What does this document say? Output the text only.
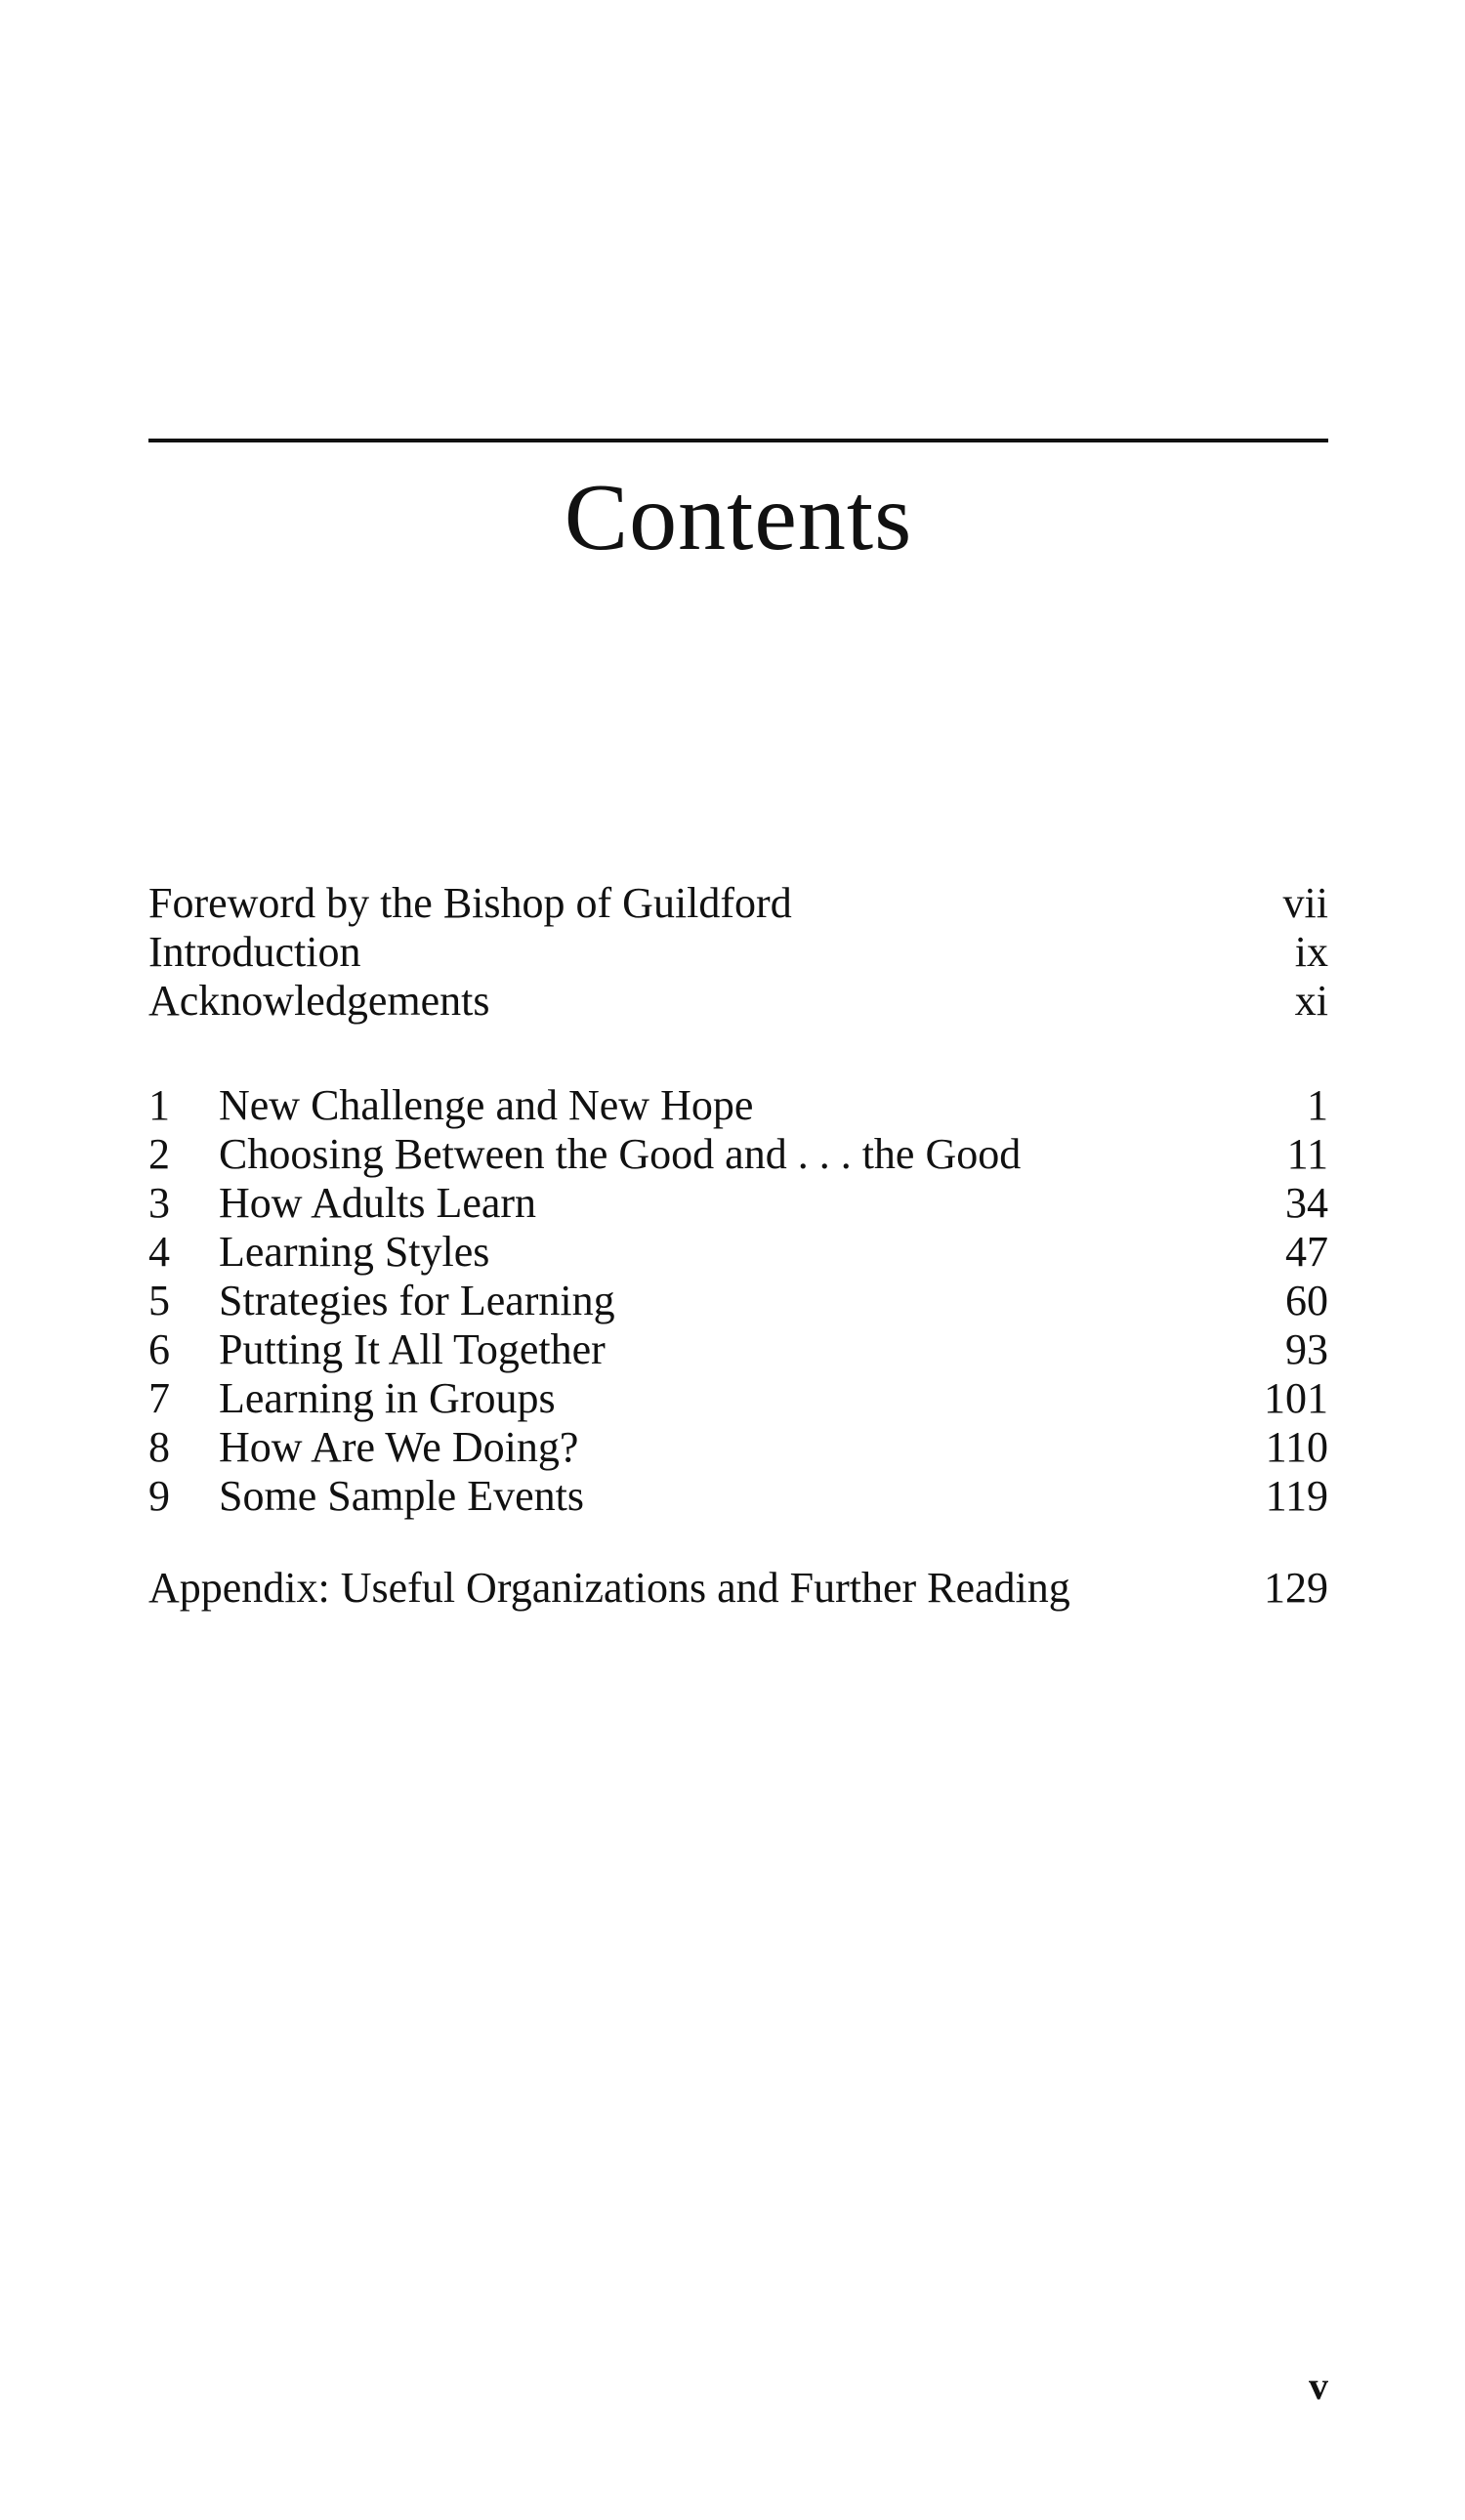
Contents
Foreword by the Bishop of Guildford	vii
Introduction	ix
Acknowledgements	xi
1	New Challenge and New Hope	1
2	Choosing Between the Good and . . . the Good	11
3	How Adults Learn	34
4	Learning Styles	47
5	Strategies for Learning	60
6	Putting It All Together	93
7	Learning in Groups	101
8	How Are We Doing?	110
9	Some Sample Events	119
Appendix: Useful Organizations and Further Reading	129
v
